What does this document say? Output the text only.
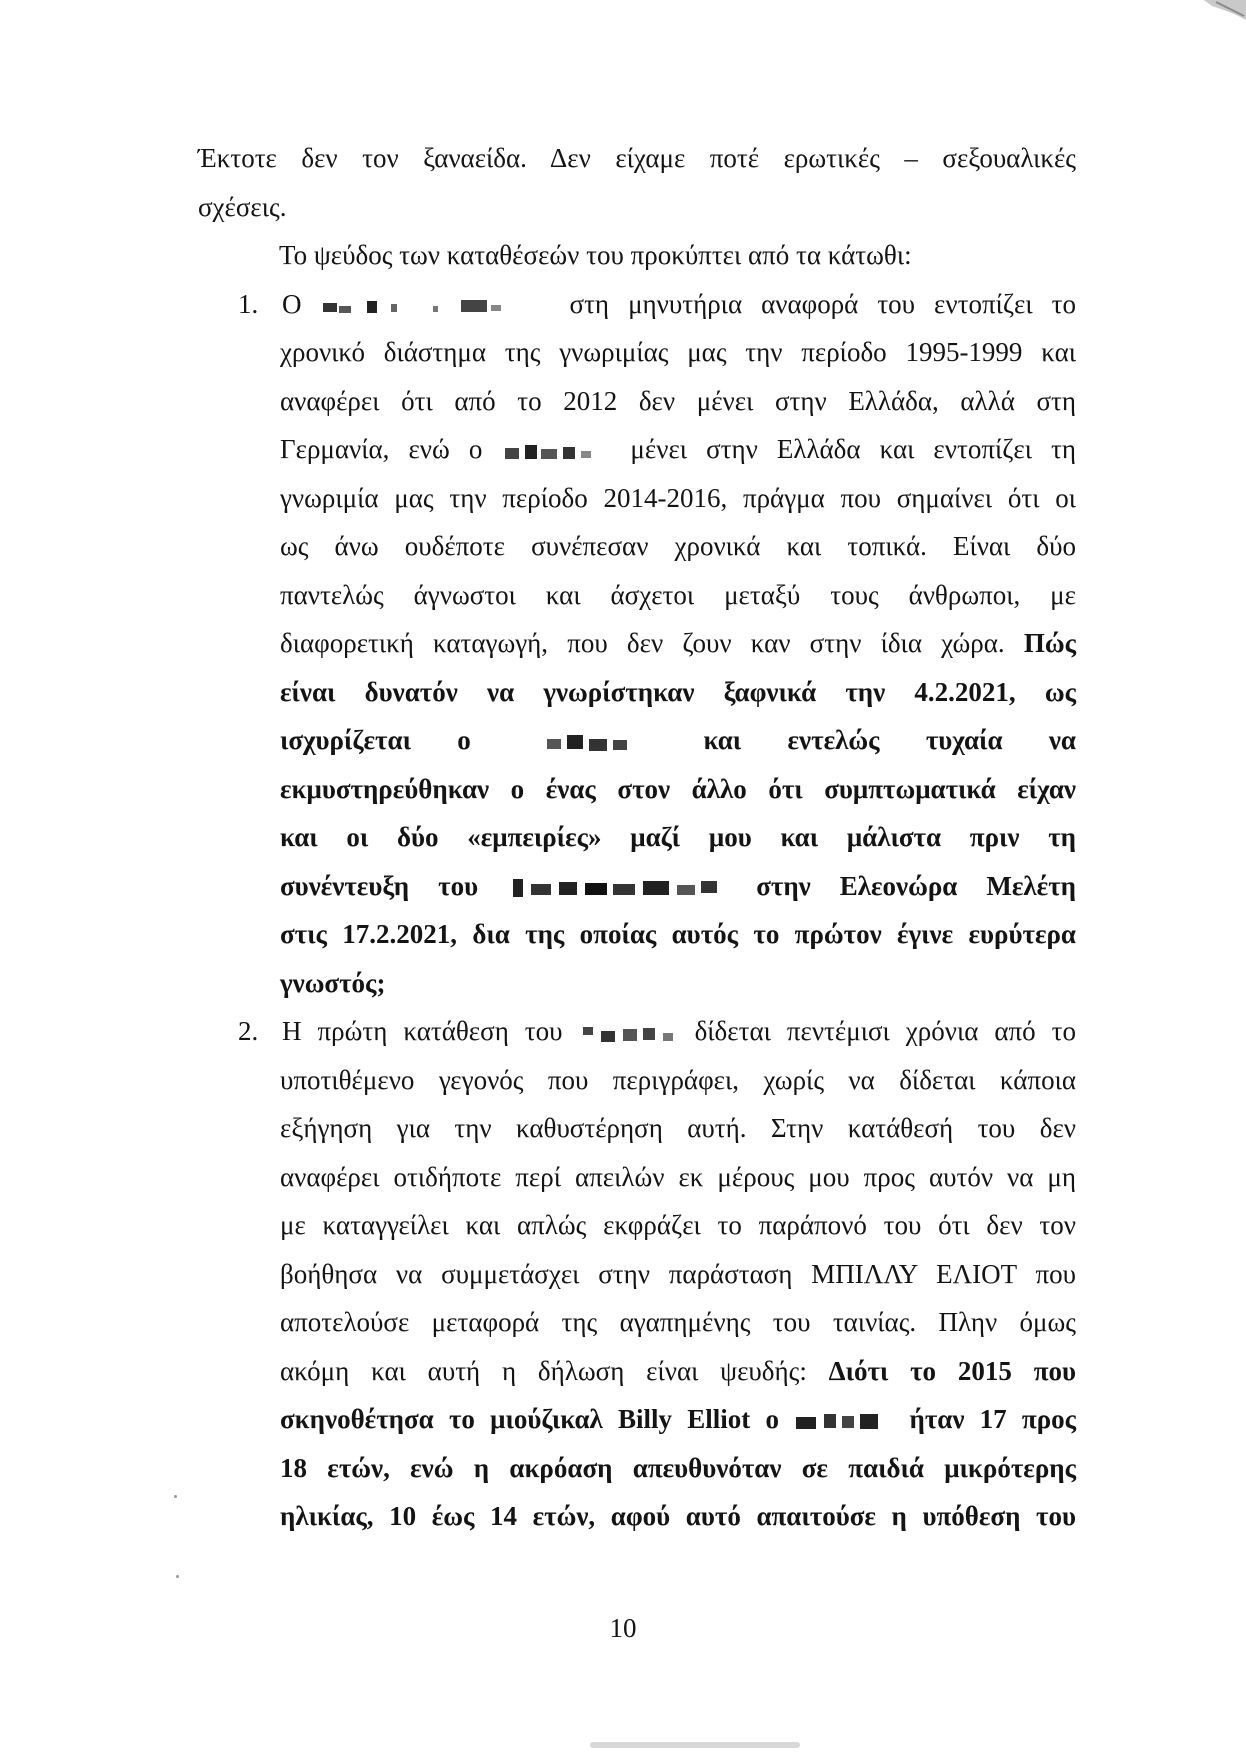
Έκτοτε δεν τον ξαναείδα. Δεν είχαμε ποτέ ερωτικές – σεξουαλικές
σχέσεις.
Το ψεύδος των καταθέσεών του προκύπτει από τα κάτωθι:
1. Ο	στη μηνυτήρια αναφορά του εντοπίζει το
χρονικό διάστημα της γνωριμίας μας την περίοδο 1995-1999 και
αναφέρει ότι από το 2012 δεν μένει στην Ελλάδα, αλλά στη
Γερμανία, ενώ ο	μένει στην Ελλάδα και εντοπίζει τη
γνωριμία μας την περίοδο 2014-2016, πράγμα που σημαίνει ότι οι
ως άνω ουδέποτε συνέπεσαν χρονικά και τοπικά. Είναι δύο
παντελώς άγνωστοι και άσχετοι μεταξύ τους άνθρωποι, με
διαφορετική καταγωγή, που δεν ζουν καν στην ίδια χώρα. Πώς
είναι δυνατόν να γνωρίστηκαν ξαφνικά την 4.2.2021, ως
ισχυρίζεται ο	και εντελώς τυχαία να
εκμυστηρεύθηκαν ο ένας στον άλλο ότι συμπτωματικά είχαν
και οι δύο «εμπειρίες» μαζί μου και μάλιστα πριν τη
συνέντευξη του	στην Ελεονώρα Μελέτη
στις 17.2.2021, δια της οποίας αυτός το πρώτον έγινε ευρύτερα
γνωστός;
2. Η πρώτη κατάθεση του	δίδεται πεντέμισι χρόνια από το
υποτιθέμενο γεγονός που περιγράφει, χωρίς να δίδεται κάποια
εξήγηση για την καθυστέρηση αυτή. Στην κατάθεσή του δεν
αναφέρει οτιδήποτε περί απειλών εκ μέρους μου προς αυτόν να μη
με καταγγείλει και απλώς εκφράζει το παράπονό του ότι δεν τον
βοήθησα να συμμετάσχει στην παράσταση ΜΠΙΛΛΥ ΕΛΙΟΤ που
αποτελούσε μεταφορά της αγαπημένης του ταινίας. Πλην όμως
ακόμη και αυτή η δήλωση είναι ψευδής: Διότι το 2015 που
σκηνοθέτησα το μιούζικαλ Billy Elliot ο	ήταν 17 προς
18 ετών, ενώ η ακρόαση απευθυνόταν σε παιδιά μικρότερης
ηλικίας, 10 έως 14 ετών, αφού αυτό απαιτούσε η υπόθεση του
10
